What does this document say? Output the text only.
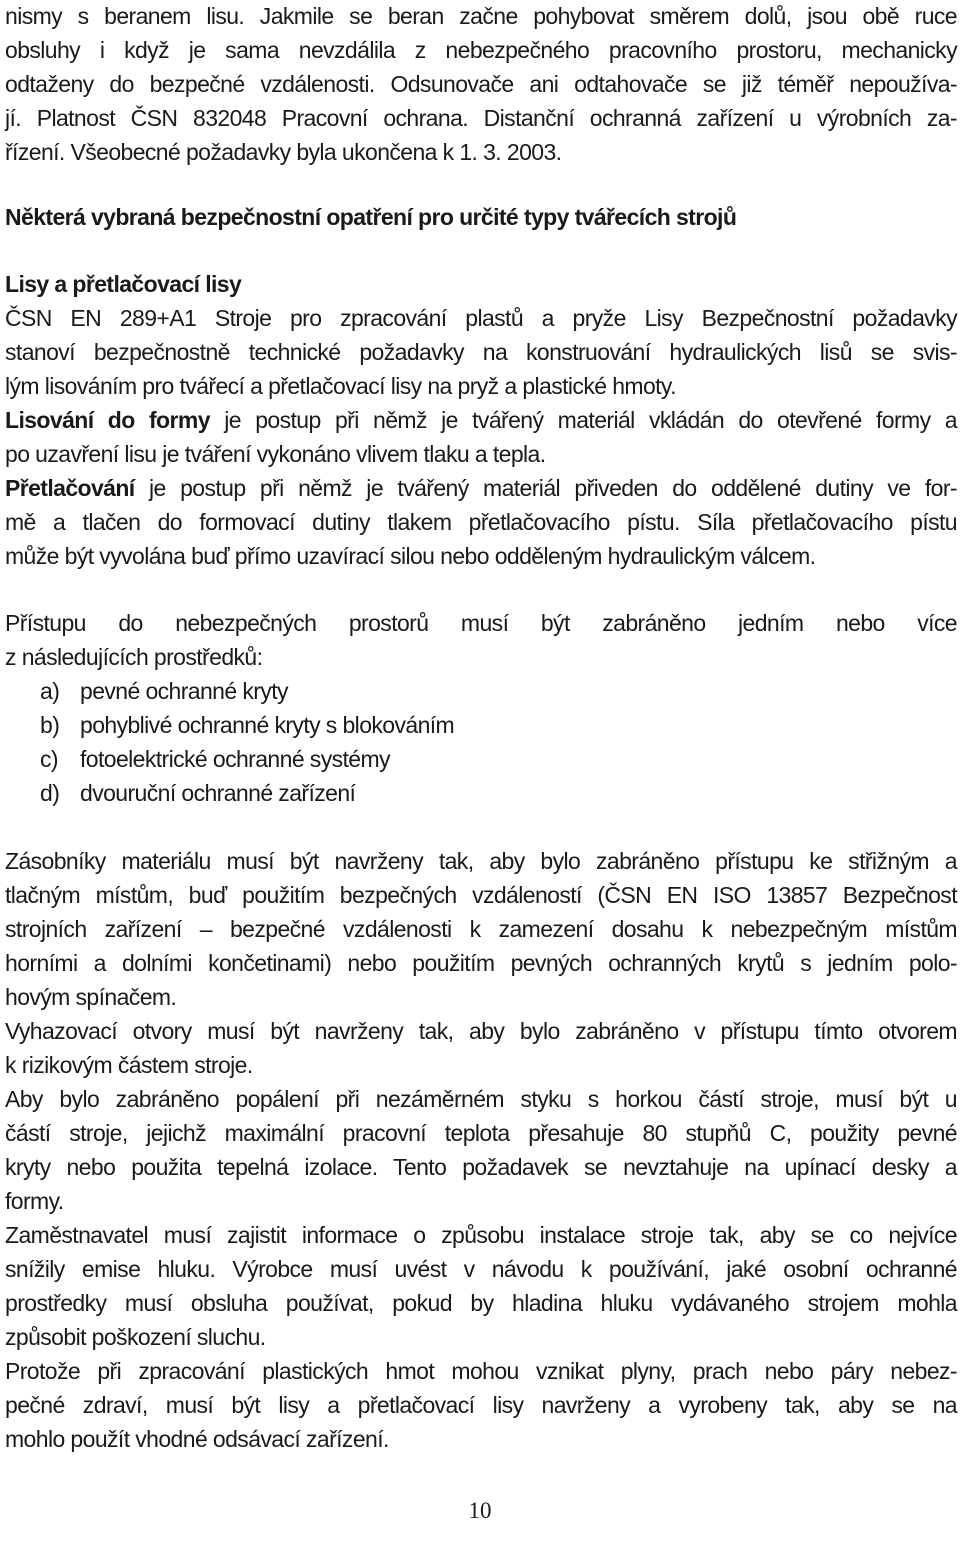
nismy s beranem lisu. Jakmile se beran začne pohybovat směrem dolů, jsou obě ruce
obsluhy i když je sama nevzdálila z nebezpečného pracovního prostoru, mechanicky
odtaženy do bezpečné vzdálenosti. Odsunovače ani odtahovače se již téměř nepoužíva-
jí. Platnost ČSN 832048 Pracovní ochrana. Distanční ochranná zařízení u výrobních za-
řízení. Všeobecné požadavky byla ukončena k 1. 3. 2003.
Některá vybraná bezpečnostní opatření pro určité typy tvářecích strojů
Lisy a přetlačovací lisy
ČSN EN 289+A1 Stroje pro zpracování plastů a pryže Lisy Bezpečnostní požadavky
stanoví bezpečnostně technické požadavky na konstruování hydraulických lisů se svis-
lým lisováním pro tvářecí a přetlačovací lisy na pryž a plastické hmoty.
Lisování do formy je postup při němž je tvářený materiál vkládán do otevřené formy a
po uzavření lisu je tváření vykonáno vlivem tlaku a tepla.
Přetlačování je postup při němž je tvářený materiál přiveden do oddělené dutiny ve for-
mě a tlačen do formovací dutiny tlakem přetlačovacího pístu. Síla přetlačovacího pístu
může být vyvolána buď přímo uzavírací silou nebo odděleným hydraulickým válcem.
Přístupu do nebezpečných prostorů musí být zabráněno jedním nebo více
z následujících prostředků:
a) pevné ochranné kryty
b) pohyblivé ochranné kryty s blokováním
c) fotoelektrické ochranné systémy
d) dvouruční ochranné zařízení
Zásobníky materiálu musí být navrženy tak, aby bylo zabráněno přístupu ke střižným a
tlačným místům, buď použitím bezpečných vzdáleností (ČSN EN ISO 13857 Bezpečnost
strojních zařízení – bezpečné vzdálenosti k zamezení dosahu k nebezpečným místům
horními a dolními končetinami) nebo použitím pevných ochranných krytů s jedním polo-
hovým spínačem.
Vyhazovací otvory musí být navrženy tak, aby bylo zabráněno v přístupu tímto otvorem
k rizikovým částem stroje.
Aby bylo zabráněno popálení při nezáměrném styku s horkou částí stroje, musí být u
částí stroje, jejichž maximální pracovní teplota přesahuje 80 stupňů C, použity pevné
kryty nebo použita tepelná izolace. Tento požadavek se nevztahuje na upínací desky a
formy.
Zaměstnavatel musí zajistit informace o způsobu instalace stroje tak, aby se co nejvíce
snížily emise hluku. Výrobce musí uvést v návodu k používání, jaké osobní ochranné
prostředky musí obsluha používat, pokud by hladina hluku vydávaného strojem mohla
způsobit poškození sluchu.
Protože při zpracování plastických hmot mohou vznikat plyny, prach nebo páry nebez-
pečné zdraví, musí být lisy a přetlačovací lisy navrženy a vyrobeny tak, aby se na
mohlo použít vhodné odsávací zařízení.
10
